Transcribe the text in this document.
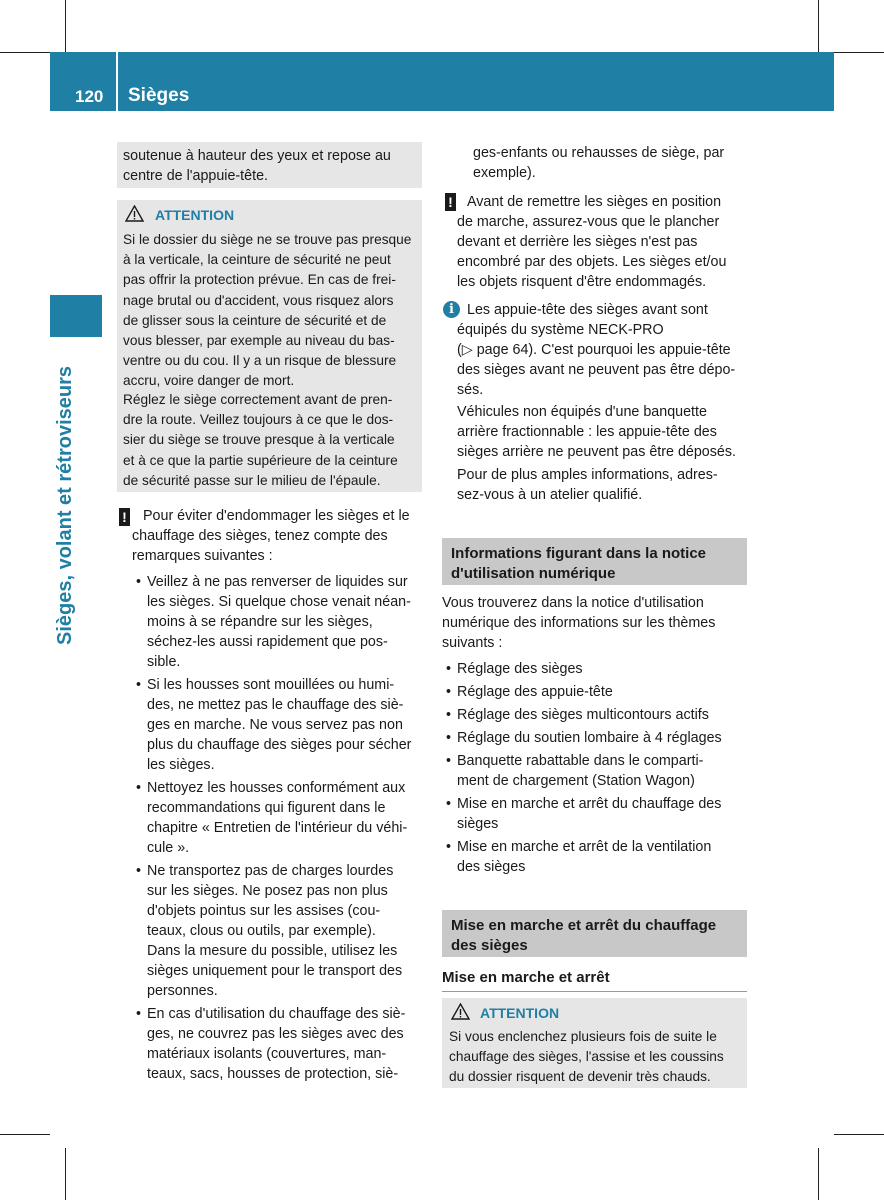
120 Sièges
Sièges, volant et rétroviseurs
soutenue à hauteur des yeux et repose au
centre de l'appuie-tête.
ATTENTION
Si le dossier du siège ne se trouve pas presque
à la verticale, la ceinture de sécurité ne peut
pas offrir la protection prévue. En cas de frei-
nage brutal ou d'accident, vous risquez alors
de glisser sous la ceinture de sécurité et de
vous blesser, par exemple au niveau du bas-
ventre ou du cou. Il y a un risque de blessure
accru, voire danger de mort.
Réglez le siège correctement avant de pren-
dre la route. Veillez toujours à ce que le dos-
sier du siège se trouve presque à la verticale
et à ce que la partie supérieure de la ceinture
de sécurité passe sur le milieu de l'épaule.
! Pour éviter d'endommager les sièges et le
chauffage des sièges, tenez compte des
remarques suivantes :
• Veillez à ne pas renverser de liquides sur
les sièges. Si quelque chose venait néan-
moins à se répandre sur les sièges,
séchez-les aussi rapidement que pos-
sible.
• Si les housses sont mouillées ou humi-
des, ne mettez pas le chauffage des siè-
ges en marche. Ne vous servez pas non
plus du chauffage des sièges pour sécher
les sièges.
• Nettoyez les housses conformément aux
recommandations qui figurent dans le
chapitre « Entretien de l'intérieur du véhi-
cule ».
• Ne transportez pas de charges lourdes
sur les sièges. Ne posez pas non plus
d'objets pointus sur les assises (cou-
teaux, clous ou outils, par exemple).
Dans la mesure du possible, utilisez les
sièges uniquement pour le transport des
personnes.
• En cas d'utilisation du chauffage des siè-
ges, ne couvrez pas les sièges avec des
matériaux isolants (couvertures, man-
teaux, sacs, housses de protection, siè-
ges-enfants ou rehausses de siège, par
exemple).
! Avant de remettre les sièges en position
de marche, assurez-vous que le plancher
devant et derrière les sièges n'est pas
encombré par des objets. Les sièges et/ou
les objets risquent d'être endommagés.
i Les appuie-tête des sièges avant sont
équipés du système NECK-PRO
(▷ page 64). C'est pourquoi les appuie-tête
des sièges avant ne peuvent pas être dépo-
sés.
Véhicules non équipés d'une banquette
arrière fractionnable : les appuie-tête des
sièges arrière ne peuvent pas être déposés.
Pour de plus amples informations, adres-
sez-vous à un atelier qualifié.
Informations figurant dans la notice
d'utilisation numérique
Vous trouverez dans la notice d'utilisation
numérique des informations sur les thèmes
suivants :
• Réglage des sièges
• Réglage des appuie-tête
• Réglage des sièges multicontours actifs
• Réglage du soutien lombaire à 4 réglages
• Banquette rabattable dans le comparti-
ment de chargement (Station Wagon)
• Mise en marche et arrêt du chauffage des
sièges
• Mise en marche et arrêt de la ventilation
des sièges
Mise en marche et arrêt du chauffage
des sièges
Mise en marche et arrêt
ATTENTION
Si vous enclenchez plusieurs fois de suite le
chauffage des sièges, l'assise et les coussins
du dossier risquent de devenir très chauds.
